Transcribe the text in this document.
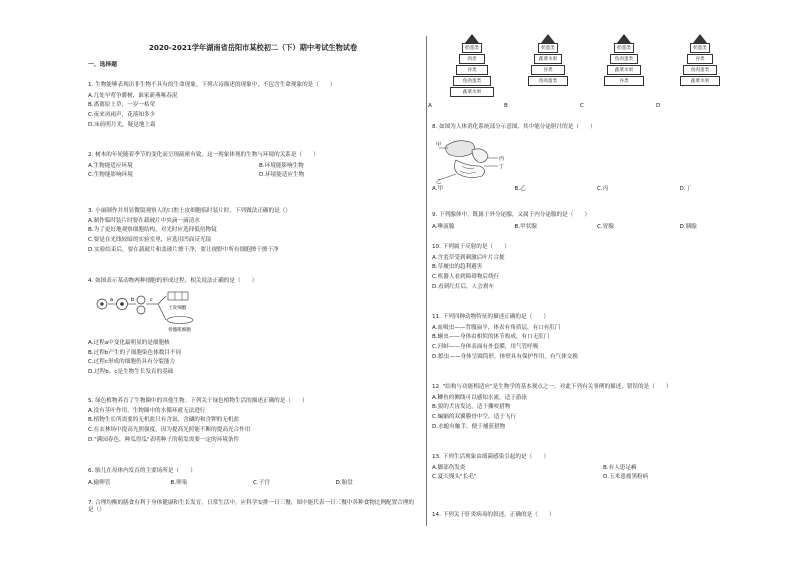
2020-2021学年湖南省岳阳市某校初二（下）期中考试生物试卷
一、选择题
1. 生物能够表现出非生物不具有的生命现象。下列古诗描述的现象中，不包含生命现象的是（　　）
A.几处早莺争暖树，谁家新燕啄春泥
B.离离原上草，一岁一枯荣
C.夜来风雨声，花落知多少
D.床前明月光，疑是地上霜
2. 树木的年轮随着季节的变化而呈现疏密有致，这一现象体现的生物与环境的关系是（　　）
A.生物能适应环境	B.环境能影响生物
C.生物能影响环境	D.环境能适应生物
3. 小丽制作并用显微镜观察人的口腔上皮细胞临时装片时，下列做法正确的是（）
A.制作临时装片时要在载玻片中央滴一滴清水
B.为了更好地观察细胞结构，对光时应选择低倍物镜
C.要是在光线较暗的实验室里，应选用凹面反光镜
D.实验结束后，要在载玻片和盖玻片擦干净，要让视野中所有细胞擦干擦干净
4. 如图表示某动物两种细胞的形成过程，相关说法正确的是（　　）
a	b	c
上皮细胞
骨骼肌细胞
A.过程a中变化最明显的是细胞核
B.过程b产生的子细胞染色体数目不同
C.过程c形成的细胞仍具有分裂能力
D.过程b、c是生物生长发育的基础
5. 绿色植物养育了生物圈中的其他生物。下列关于绿色植物生活的描述正确的是（　　）
A.没有茎叶作用，生物圈中的水循环就无法进行
B.植物生长所需要的无机盐只有含氮、含磷的和含钾的无机盐
C.在农林场中提高光照强度，因为提高光照能不断的提高光合作用
D."满园春色，种瓜得瓜"表明种子的萌发需要一定的环境条件
6. 胎儿在母体内发育的主要场所是（　　）
A.输卵管	B.卵巢	C.子宫	D.胎盘
7. 合理均衡的膳食有利于身体健康和生长发育。日常生活中，应科学安排一日三餐，图中能代表一日三餐中各种食物比例配置合理的是（）
奶蛋类
肉类
谷类
鱼肉蛋类
蔬菜水果
A
奶蛋类
蔬菜水果
谷类
鱼肉蛋类
B
奶蛋类
鱼肉蛋类
蔬菜水果
谷类
C
奶蛋类
谷类
鱼肉蛋类
蔬菜水果
D
8. 如图为人体消化系统部分示意图，其中能分泌胆汁的是（　　）
甲
乙
丙
丁
A.甲	B.乙	C.丙	D.丁
9. 下列腺体中，既属于外分泌腺，又属于内分泌腺的是（　　）
A.唾液腺	B.甲状腺	C.胃腺	D.胰腺
10. 下列属于反射的是（　　）
A.含羞草受到刺激后叶片合拢
B.草履虫的趋利避害
C.机器人看到障碍物后绕行
D.看到红灯后，人会刹车
11. 下列四种动物特征的描述正确的是（　　）
A.血吸虫——背腹扁平，体表有角质层，有口有肛门
B.蛔虫——身体由相似的体节构成，有口无肛门
C.河蚌——身体表面有外套膜，用气管呼吸
D.蝗虫——身体呈圆筒形，体壁具有保护作用，有气体交换
12. "结构与功能相适应"是生物学的基本观点之一。对此下列有关事例的描述，错误的是（　　）
A.鲫鱼的侧线可以感知水流，适于游泳
B.狼的犬齿发达，适于撕咬猎物
C.蝙蝠的双翼膜骨中空，适于飞行
D.水螅有触手，便于捕获猎物
13. 下列生活现象由细菌感染引起的是（　　）
A.脚部伤发炎	B.有人患足癣
C.夏天馒头"长毛"	D.玉米患瘤黑粉病
14. 下列关于肝炎病毒的叙述，正确的是（　　）
